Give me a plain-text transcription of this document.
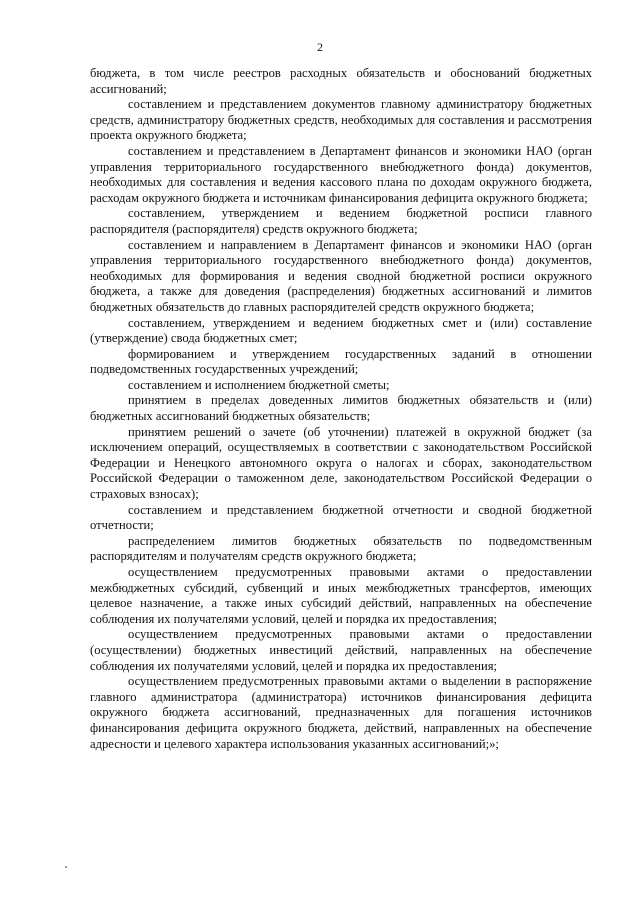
2

бюджета, в том числе реестров расходных обязательств и обоснований бюджетных ассигнований;

составлением и представлением документов главному администратору бюджетных средств, администратору бюджетных средств, необходимых для составления и рассмотрения проекта окружного бюджета;

составлением и представлением в Департамент финансов и экономики НАО (орган управления территориального государственного внебюджетного фонда) документов, необходимых для составления и ведения кассового плана по доходам окружного бюджета, расходам окружного бюджета и источникам финансирования дефицита окружного бюджета;

составлением, утверждением и ведением бюджетной росписи главного распорядителя (распорядителя) средств окружного бюджета;

составлением и направлением в Департамент финансов и экономики НАО (орган управления территориального государственного внебюджетного фонда) документов, необходимых для формирования и ведения сводной бюджетной росписи окружного бюджета, а также для доведения (распределения) бюджетных ассигнований и лимитов бюджетных обязательств до главных распорядителей средств окружного бюджета;

составлением, утверждением и ведением бюджетных смет и (или) составление (утверждение) свода бюджетных смет;

формированием и утверждением государственных заданий в отношении подведомственных государственных учреждений;

составлением и исполнением бюджетной сметы;

принятием в пределах доведенных лимитов бюджетных обязательств и (или) бюджетных ассигнований бюджетных обязательств;

принятием решений о зачете (об уточнении) платежей в окружной бюджет (за исключением операций, осуществляемых в соответствии с законодательством Российской Федерации и Ненецкого автономного округа о налогах и сборах, законодательством Российской Федерации о таможенном деле, законодательством Российской Федерации о страховых взносах);

составлением и представлением бюджетной отчетности и сводной бюджетной отчетности;

распределением лимитов бюджетных обязательств по подведомственным распорядителям и получателям средств окружного бюджета;

осуществлением предусмотренных правовыми актами о предоставлении межбюджетных субсидий, субвенций и иных межбюджетных трансфертов, имеющих целевое назначение, а также иных субсидий действий, направленных на обеспечение соблюдения их получателями условий, целей и порядка их предоставления;

осуществлением предусмотренных правовыми актами о предоставлении (осуществлении) бюджетных инвестиций действий, направленных на обеспечение соблюдения их получателями условий, целей и порядка их предоставления;

осуществлением предусмотренных правовыми актами о выделении в распоряжение главного администратора (администратора) источников финансирования дефицита окружного бюджета ассигнований, предназначенных для погашения источников финансирования дефицита окружного бюджета, действий, направленных на обеспечение адресности и целевого характера использования указанных ассигнований;»;
